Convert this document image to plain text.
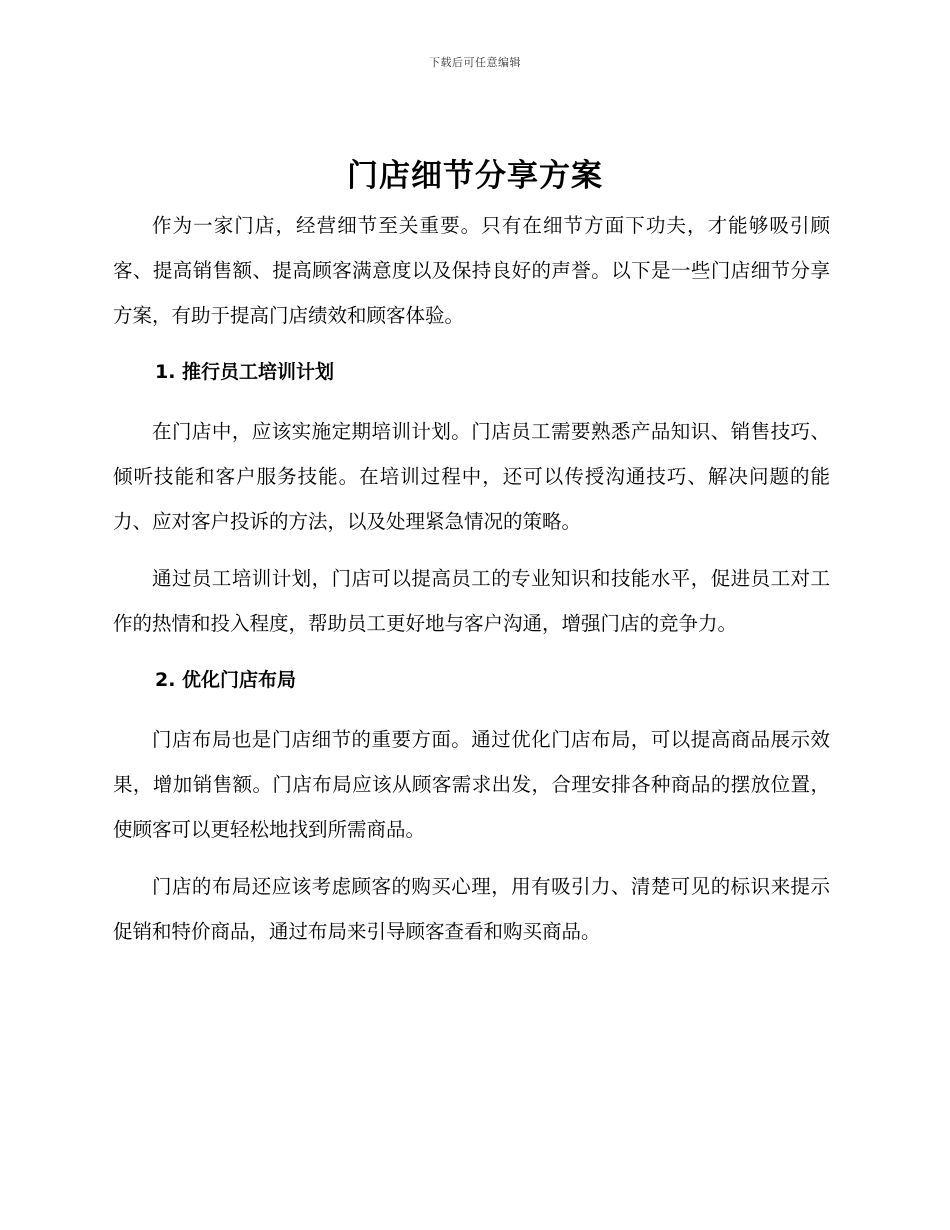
下载后可任意编辑
门店细节分享方案

作为一家门店，经营细节至关重要。只有在细节方面下功夫，才能够吸引顾客、提高销售额、提高顾客满意度以及保持良好的声誉。以下是一些门店细节分享方案，有助于提高门店绩效和顾客体验。

1. 推行员工培训计划

在门店中，应该实施定期培训计划。门店员工需要熟悉产品知识、销售技巧、倾听技能和客户服务技能。在培训过程中，还可以传授沟通技巧、解决问题的能力、应对客户投诉的方法，以及处理紧急情况的策略。

通过员工培训计划，门店可以提高员工的专业知识和技能水平，促进员工对工作的热情和投入程度，帮助员工更好地与客户沟通，增强门店的竞争力。

2. 优化门店布局

门店布局也是门店细节的重要方面。通过优化门店布局，可以提高商品展示效果，增加销售额。门店布局应该从顾客需求出发，合理安排各种商品的摆放位置，使顾客可以更轻松地找到所需商品。

门店的布局还应该考虑顾客的购买心理，用有吸引力、清楚可见的标识来提示促销和特价商品，通过布局来引导顾客查看和购买商品。
